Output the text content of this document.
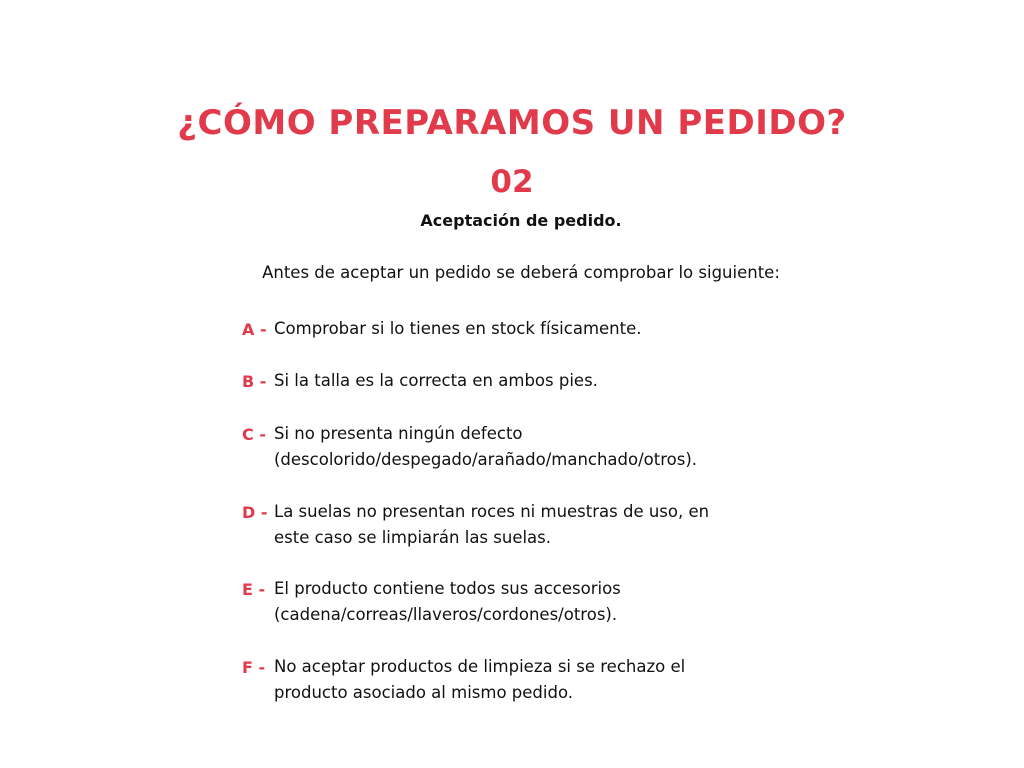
¿CÓMO PREPARAMOS UN PEDIDO?
02
Aceptación de pedido.
Antes de aceptar un pedido se deberá comprobar lo siguiente:
A - Comprobar si lo tienes en stock físicamente.
B - Si la talla es la correcta en ambos pies.
C - Si no presenta ningún defecto
(descolorido/despegado/arañado/manchado/otros).
D - La suelas no presentan roces ni muestras de uso, en
este caso se limpiarán las suelas.
E - El producto contiene todos sus accesorios
(cadena/correas/llaveros/cordones/otros).
F - No aceptar productos de limpieza si se rechazo el
producto asociado al mismo pedido.
